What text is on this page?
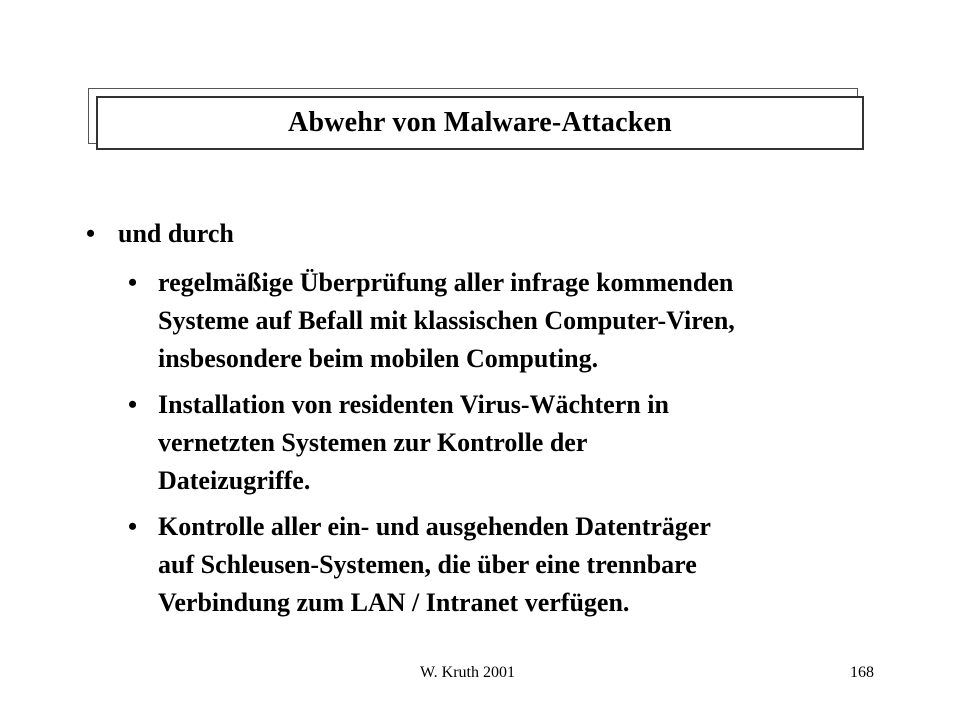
Abwehr von Malware-Attacken
• und durch
• regelmäßige Überprüfung aller infrage kommenden
Systeme auf Befall mit klassischen Computer-Viren,
insbesondere beim mobilen Computing.
• Installation von residenten Virus-Wächtern in
vernetzten Systemen zur Kontrolle der
Dateizugriffe.
• Kontrolle aller ein- und ausgehenden Datenträger
auf Schleusen-Systemen, die über eine trennbare
Verbindung zum LAN / Intranet verfügen.
W. Kruth 2001	168
